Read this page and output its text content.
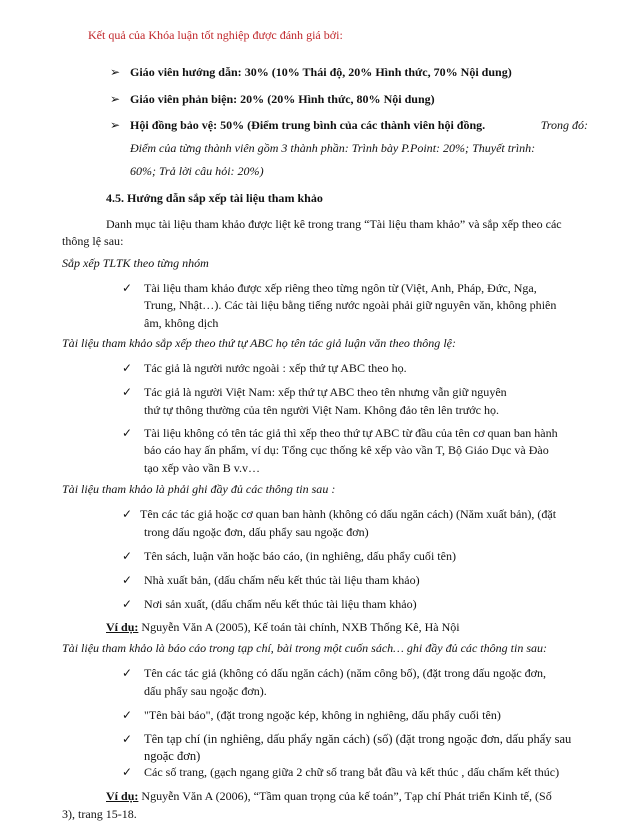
Kết quả của Khóa luận tốt nghiệp được đánh giá bởi:
➢ Giáo viên hướng dẫn: 30% (10% Thái độ, 20% Hình thức, 70% Nội dung)
➢ Giáo viên phản biện: 20% (20% Hình thức, 80% Nội dung)
➢ Hội đồng bảo vệ: 50% (Điểm trung bình của các thành viên hội đồng.	Trong đó:
Điểm của từng thành viên gồm 3 thành phần: Trình bày P.Point: 20%; Thuyết trình:
60%; Trả lời câu hỏi: 20%)
4.5. Hướng dẫn sắp xếp tài liệu tham khảo
Danh mục tài liệu tham khảo được liệt kê trong trang “Tài liệu tham khảo” và sắp xếp theo các
thông lệ sau:
Sắp xếp TLTK theo từng nhóm
✓ Tài liệu tham khảo được xếp riêng theo từng ngôn từ (Việt, Anh, Pháp, Đức, Nga,
Trung, Nhật…). Các tài liệu bằng tiếng nước ngoài phải giữ nguyên văn, không phiên
âm, không dịch
Tài liệu tham khảo sắp xếp theo thứ tự ABC họ tên tác giả luận văn theo thông lệ:
✓ Tác giả là người nước ngoài : xếp thứ tự ABC theo họ.
✓ Tác giả là người Việt Nam: xếp thứ tự ABC theo tên nhưng vẫn giữ nguyên
thứ tự thông thường của tên người Việt Nam. Không đảo tên lên trước họ.
✓ Tài liệu không có tên tác giả thì xếp theo thứ tự ABC từ đầu của tên cơ quan ban hành
báo cáo hay ấn phẩm, ví dụ: Tổng cục thống kê xếp vào vần T, Bộ Giáo Dục và Đào
tạo xếp vào vần B v.v…
Tài liệu tham khảo là phải ghi đầy đủ các thông tin sau :
✓ Tên các tác giả hoặc cơ quan ban hành (không có dấu ngăn cách) (Năm xuất bản), (đặt
trong dấu ngoặc đơn, dấu phẩy sau ngoặc đơn)
✓ Tên sách, luận văn hoặc báo cáo, (in nghiêng, dấu phẩy cuối tên)
✓ Nhà xuất bản, (dấu chấm nếu kết thúc tài liệu tham khảo)
✓ Nơi sản xuất, (dấu chấm nếu kết thúc tài liệu tham khảo)
Ví dụ: Nguyễn Văn A (2005), Kế toán tài chính, NXB Thống Kê, Hà Nội
Tài liệu tham khảo là báo cáo trong tạp chí, bài trong một cuốn sách… ghi đầy đủ các thông tin sau:
✓ Tên các tác giả (không có dấu ngăn cách) (năm công bố), (đặt trong dấu ngoặc đơn,
dấu phẩy sau ngoặc đơn).
✓ "Tên bài báo", (đặt trong ngoặc kép, không in nghiêng, dấu phẩy cuối tên)
✓ Tên tạp chí (in nghiêng, dấu phẩy ngăn cách) (số) (đặt trong ngoặc đơn, dấu phẩy sau
ngoặc đơn)
✓ Các số trang, (gạch ngang giữa 2 chữ số trang bắt đầu và kết thúc , dấu chấm kết thúc)
Ví dụ: Nguyễn Văn A (2006), “Tầm quan trọng của kế toán”, Tạp chí Phát triển Kinh tế, (Số
3), trang 15-18.
